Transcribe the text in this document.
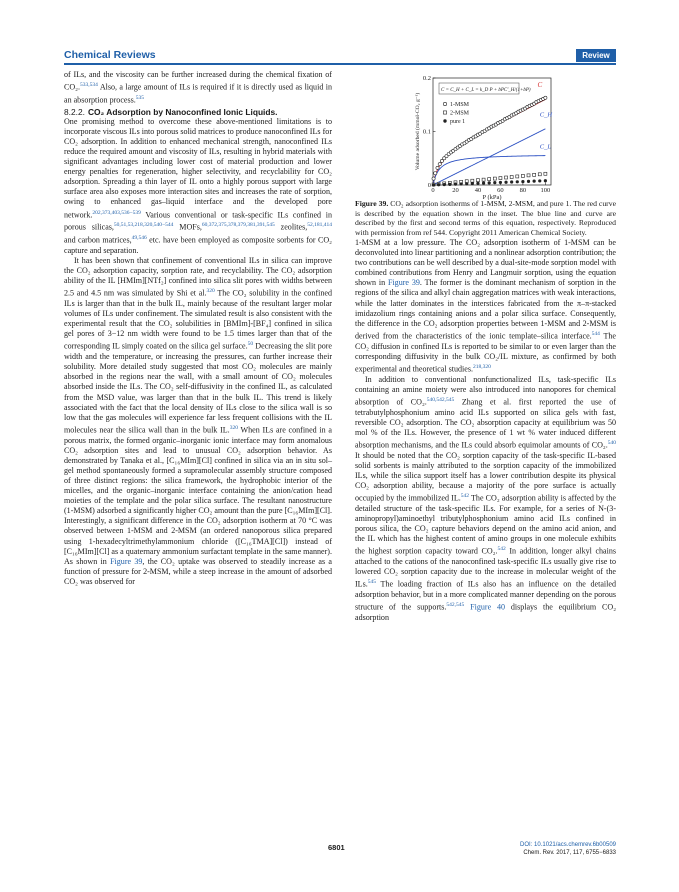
Chemical Reviews	Review

of ILs, and the viscosity can be further increased during the chemical fixation of CO₂.$^{533,534}$ Also, a large amount of ILs is required if it is directly used as liquid in an absorption process.$^{535}$

8.2.2. CO₂ Adsorption by Nanoconfined Ionic Liquids.

One promising method to overcome these above-mentioned limitations is to incorporate viscous ILs into porous solid matrices to produce nanoconfined ILs for CO₂ adsorption. In addition to enhanced mechanical strength, nanoconfined ILs reduce the required amount and viscosity of ILs, resulting in hybrid materials with significant advantages including lower cost of material production and lower energy penalties for regeneration, higher selectivity, and recyclability for CO₂ adsorption. Spreading a thin layer of IL onto a highly porous support with large surface area also exposes more interaction sites and increases the rate of sorption, owing to enhanced gas–liquid interface and the developed pore network.$^{202,373,403,536-539}$ Various conventional or task-specific ILs confined in porous silicas,$^{50,51,53,218,320,540-544}$ MOFs,$^{60,372,375,378,379,381,391,545}$ zeolites,$^{52,181,414}$ and carbon matrices,$^{49,546}$ etc. have been employed as composite sorbents for CO₂ capture and separation.

It has been shown that confinement of conventional ILs in silica can improve the CO₂ adsorption capacity, sorption rate, and recyclability. The CO₂ adsorption ability of the IL [HMIm][NTf₂] confined into silica slit pores with widths between 2.5 and 4.5 nm was simulated by Shi et al.$^{320}$ The CO₂ solubility in the confined ILs is larger than that in the bulk IL, mainly because of the resultant larger molar volumes of ILs under confinement. The simulated result is also consistent with the experimental result that the CO₂ solubilities in [BMIm]-[BF₄] confined in silica gel pores of 3−12 nm width were found to be 1.5 times larger than that of the corresponding IL simply coated on the silica gel surface.$^{50}$ Decreasing the slit pore width and the temperature, or increasing the pressures, can further increase their solubility. More detailed study suggested that most CO₂ molecules are mainly absorbed in the regions near the wall, with a small amount of CO₂ molecules absorbed inside the ILs. The CO₂ self-diffusivity in the confined IL, as calculated from the MSD value, was larger than that in the bulk IL. This trend is likely associated with the fact that the local density of ILs close to the silica wall is so low that the gas molecules will experience far less frequent collisions with the IL molecules near the silica wall than in the bulk IL.$^{320}$ When ILs are confined in a porous matrix, the formed organic–inorganic ionic interface may form anomalous CO₂ adsorption sites and lead to unusual CO₂ adsorption behavior. As demonstrated by Tanaka et al., [C₁₆MIm][Cl] confined in silica via an in situ sol–gel method spontaneously formed a supramolecular assembly structure composed of three distinct regions: the silica framework, the hydrophobic interior of the micelles, and the organic–inorganic interface containing the anion/cation head moieties of the template and the polar silica surface. The resultant nanostructure (1-MSM) adsorbed a significantly higher CO₂ amount than the pure [C₁₆MIm][Cl]. Interestingly, a significant difference in the CO₂ adsorption isotherm at 70 °C was observed between 1-MSM and 2-MSM (an ordered nanoporous silica prepared using 1-hexadecyltrimethylammonium chloride ([C₁₆TMA][Cl]) instead of [C₁₆MIm][Cl] as a quaternary ammonium surfactant template in the same manner). As shown in Figure 39, the CO₂ uptake was observed to steadily increase as a function of pressure for 2-MSM, while a steep increase in the amount of adsorbed CO₂ was observed for

0	20 40 60 80 100
0
0.1
0.2
P (kPa)
Volume adsorbed (mmol-CO₂ g⁻¹)
C = C_H + C_L = k_D P + bPC'_H/(1+bP)
1-MSM
2-MSM
pure 1
C
C_H
C_L
Figure 39. CO₂ adsorption isotherms of 1-MSM, 2-MSM, and pure 1. The red curve is described by the equation shown in the inset. The blue line and curve are described by the first and second terms of this equation, respectively. Reproduced with permission from ref 544. Copyright 2011 American Chemical Society.

1-MSM at a low pressure. The CO₂ adsorption isotherm of 1-MSM can be deconvoluted into linear partitioning and a nonlinear adsorption contribution; the two contributions can be well described by a dual-site-mode sorption model with combined contributions from Henry and Langmuir sorption, using the equation shown in Figure 39. The former is the dominant mechanism of sorption in the regions of the silica and alkyl chain aggregation matrices with weak interactions, while the latter dominates in the interstices fabricated from the π–π-stacked imidazolium rings containing anions and a polar silica surface. Consequently, the difference in the CO₂ adsorption properties between 1-MSM and 2-MSM is derived from the characteristics of the ionic template–silica interface.$^{544}$ The CO₂ diffusion in confined ILs is reported to be similar to or even larger than the corresponding diffusivity in the bulk CO₂/IL mixture, as confirmed by both experimental and theoretical studies.$^{218,320}$

In addition to conventional nonfunctionalized ILs, task-specific ILs containing an amine moiety were also introduced into nanopores for chemical absorption of CO₂.$^{540,542,545}$ Zhang et al. first reported the use of tetrabutylphosphonium amino acid ILs supported on silica gels with fast, reversible CO₂ adsorption. The CO₂ absorption capacity at equilibrium was 50 mol % of the ILs. However, the presence of 1 wt % water induced different absorption mechanisms, and the ILs could absorb equimolar amounts of CO₂.$^{540}$ It should be noted that the CO₂ sorption capacity of the task-specific IL-based solid sorbents is mainly attributed to the sorption capacity of the immobilized ILs, while the silica support itself has a lower contribution despite its physical CO₂ adsorption ability, because a majority of the pore surface is actually occupied by the immobilized IL.$^{542}$ The CO₂ adsorption ability is affected by the detailed structure of the task-specific ILs. For example, for a series of N-(3-aminopropyl)aminoethyl tributylphosphonium amino acid ILs confined in porous silica, the CO₂ capture behaviors depend on the amino acid anion, and the IL which has the highest content of amino groups in one molecule exhibits the highest sorption capacity toward CO₂.$^{542}$ In addition, longer alkyl chains attached to the cations of the nanoconfined task-specific ILs usually give rise to lowered CO₂ sorption capacity due to the increase in molecular weight of the ILs.$^{545}$ The loading fraction of ILs also has an influence on the detailed adsorption behavior, but in a more complicated manner depending on the porous structure of the supports.$^{542,545}$ Figure 40 displays the equilibrium CO₂ adsorption

6801	DOI: 10.1021/acs.chemrev.6b00509
Chem. Rev. 2017, 117, 6755−6833
